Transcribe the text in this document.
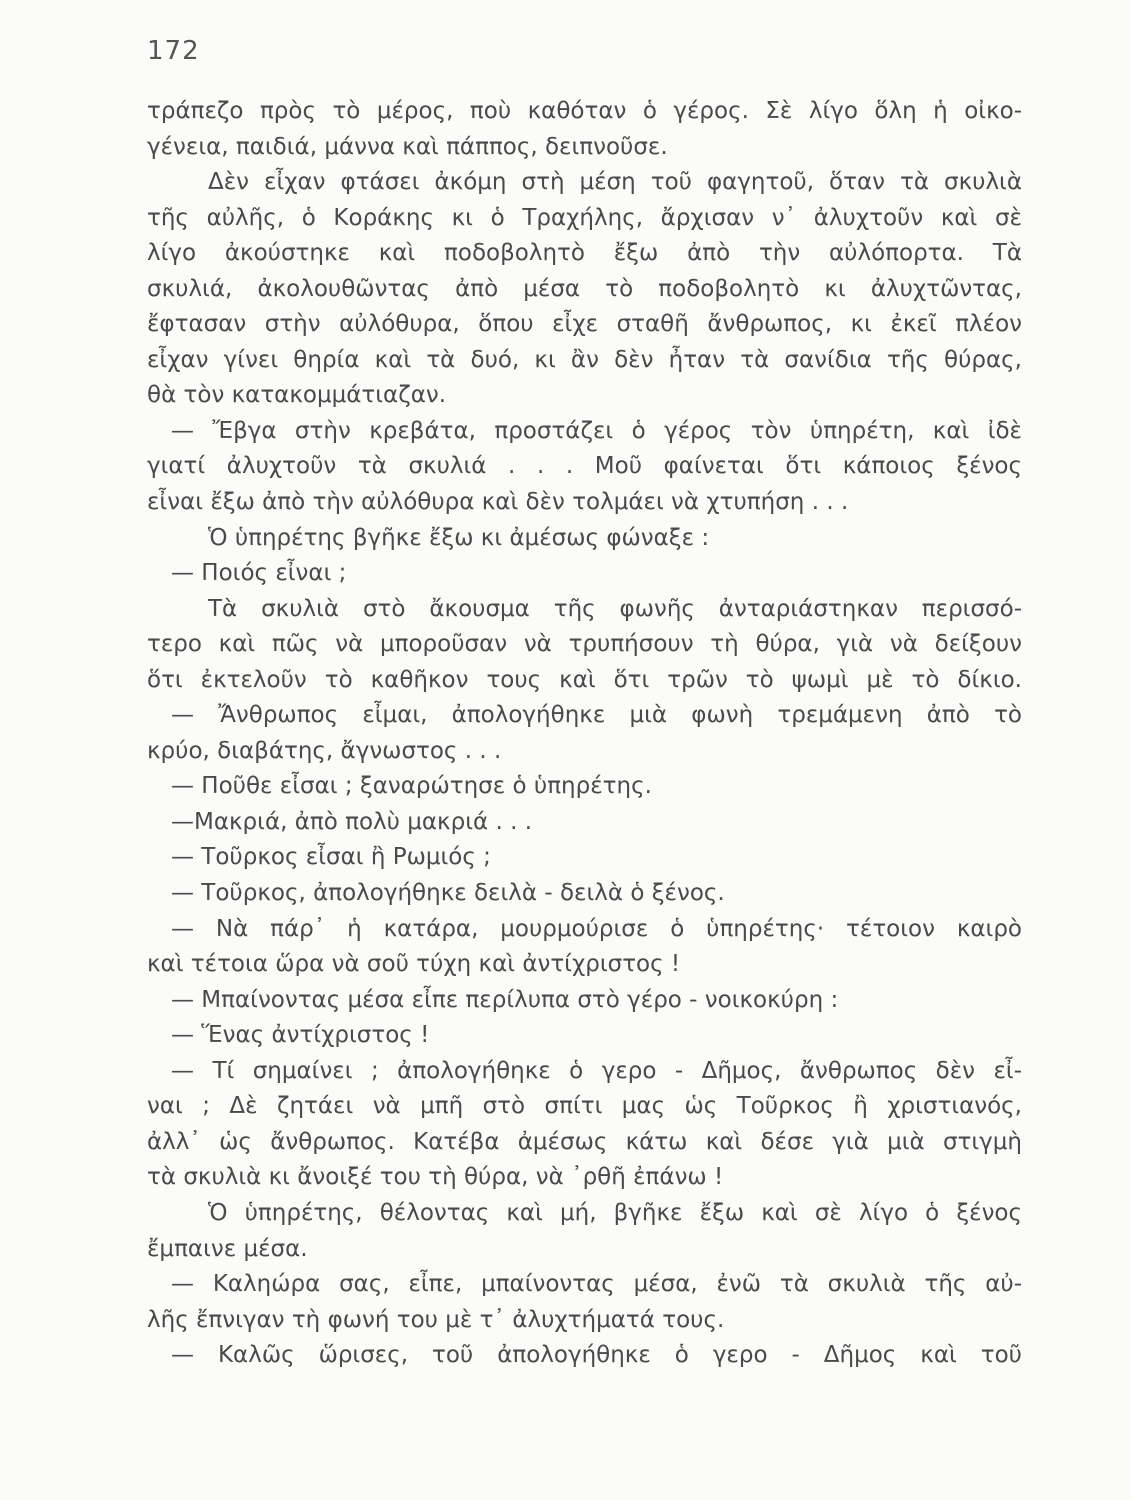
172
τράπεζο πρὸς τὸ μέρος, ποὺ καθόταν ὁ γέρος. Σὲ λίγο ὅλη ἡ οἰκο-
γένεια, παιδιά, μάννα καὶ πάππος, δειπνοῦσε.
Δὲν εἶχαν φτάσει ἀκόμη στὴ μέση τοῦ φαγητοῦ, ὅταν τὰ σκυλιὰ
τῆς αὐλῆς, ὁ Κοράκης κι ὁ Τραχήλης, ἄρχισαν ν᾽ ἀλυχτοῦν καὶ σὲ
λίγο ἀκούστηκε καὶ ποδοβολητὸ ἔξω ἀπὸ τὴν αὐλόπορτα. Τὰ
σκυλιά, ἀκολουθῶντας ἀπὸ μέσα τὸ ποδοβολητὸ κι ἀλυχτῶντας,
ἔφτασαν στὴν αὐλόθυρα, ὅπου εἶχε σταθῆ ἄνθρωπος, κι ἐκεῖ πλέον
εἶχαν γίνει θηρία καὶ τὰ δυό, κι ἂν δὲν ἦταν τὰ σανίδια τῆς θύρας,
θὰ τὸν κατακομμάτιαζαν.
— Ἔβγα στὴν κρεβάτα, προστάζει ὁ γέρος τὸν ὑπηρέτη, καὶ ἰδὲ
γιατί ἀλυχτοῦν τὰ σκυλιά . . . Μοῦ φαίνεται ὅτι κάποιος ξένος
εἶναι ἔξω ἀπὸ τὴν αὐλόθυρα καὶ δὲν τολμάει νὰ χτυπήση . . .
Ὁ ὑπηρέτης βγῆκε ἔξω κι ἀμέσως φώναξε :
— Ποιός εἶναι ;
Τὰ σκυλιὰ στὸ ἄκουσμα τῆς φωνῆς ἀνταριάστηκαν περισσό-
τερο καὶ πῶς νὰ μποροῦσαν νὰ τρυπήσουν τὴ θύρα, γιὰ νὰ δείξουν
ὅτι ἐκτελοῦν τὸ καθῆκον τους καὶ ὅτι τρῶν τὸ ψωμὶ μὲ τὸ δίκιο.
— Ἄνθρωπος εἶμαι, ἀπολογήθηκε μιὰ φωνὴ τρεμάμενη ἀπὸ τὸ
κρύο, διαβάτης, ἄγνωστος . . .
— Ποῦθε εἶσαι ; ξαναρώτησε ὁ ὑπηρέτης.
—Μακριά, ἀπὸ πολὺ μακριά . . .
— Τοῦρκος εἶσαι ἢ Ρωμιός ;
— Τοῦρκος, ἀπολογήθηκε δειλὰ - δειλὰ ὁ ξένος.
— Νὰ πάρ᾽ ἡ κατάρα, μουρμούρισε ὁ ὑπηρέτης· τέτοιον καιρὸ
καὶ τέτοια ὥρα νὰ σοῦ τύχη καὶ ἀντίχριστος !
— Μπαίνοντας μέσα εἶπε περίλυπα στὸ γέρο - νοικοκύρη :
— Ἕνας ἀντίχριστος !
— Τί σημαίνει ; ἀπολογήθηκε ὁ γερο - Δῆμος, ἄνθρωπος δὲν εἶ-
ναι ; Δὲ ζητάει νὰ μπῆ στὸ σπίτι μας ὡς Τοῦρκος ἢ χριστιανός,
ἀλλ᾽ ὡς ἄνθρωπος. Κατέβα ἀμέσως κάτω καὶ δέσε γιὰ μιὰ στιγμὴ
τὰ σκυλιὰ κι ἄνοιξέ του τὴ θύρα, νὰ ᾽ρθῆ ἐπάνω !
Ὁ ὑπηρέτης, θέλοντας καὶ μή, βγῆκε ἔξω καὶ σὲ λίγο ὁ ξένος
ἔμπαινε μέσα.
— Καληώρα σας, εἶπε, μπαίνοντας μέσα, ἐνῶ τὰ σκυλιὰ τῆς αὐ-
λῆς ἔπνιγαν τὴ φωνή του μὲ τ᾽ ἀλυχτήματά τους.
— Καλῶς ὥρισες, τοῦ ἀπολογήθηκε ὁ γερο - Δῆμος καὶ τοῦ
